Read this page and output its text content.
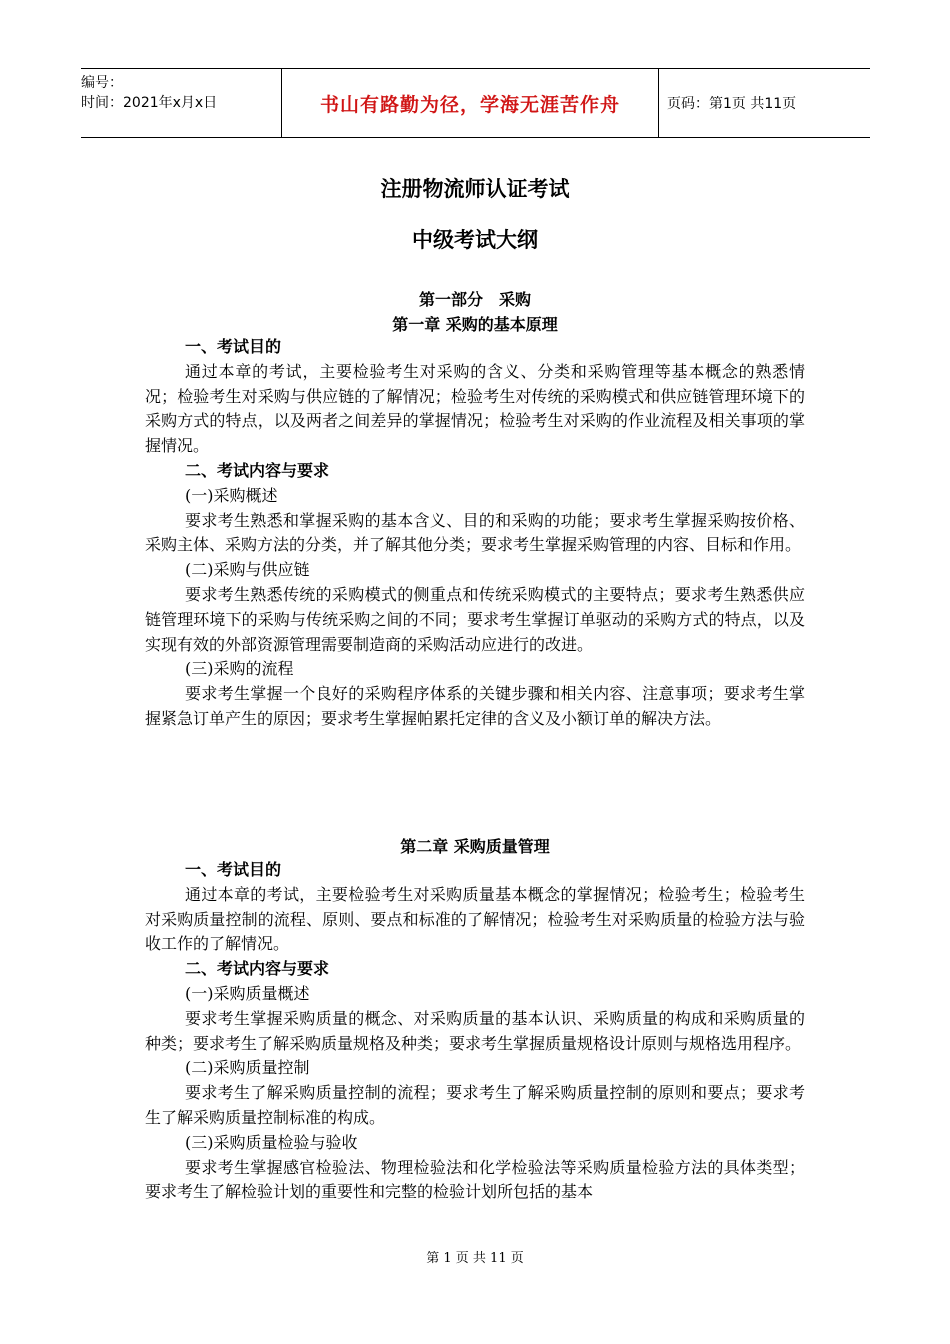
编号：
时间：2021年x月x日	书山有路勤为径，学海无涯苦作舟	页码：第1页 共11页
注册物流师认证考试
中级考试大纲
第一部分　采购
第一章 采购的基本原理
一、考试目的
通过本章的考试，主要检验考生对采购的含义、分类和采购管理等基本概念的熟悉情况；检验考生对采购与供应链的了解情况；检验考生对传统的采购模式和供应链管理环境下的采购方式的特点，以及两者之间差异的掌握情况；检验考生对采购的作业流程及相关事项的掌握情况。
二、考试内容与要求
(一)采购概述
要求考生熟悉和掌握采购的基本含义、目的和采购的功能；要求考生掌握采购按价格、采购主体、采购方法的分类，并了解其他分类；要求考生掌握采购管理的内容、目标和作用。
(二)采购与供应链
要求考生熟悉传统的采购模式的侧重点和传统采购模式的主要特点；要求考生熟悉供应链管理环境下的采购与传统采购之间的不同；要求考生掌握订单驱动的采购方式的特点，以及实现有效的外部资源管理需要制造商的采购活动应进行的改进。
(三)采购的流程
要求考生掌握一个良好的采购程序体系的关键步骤和相关内容、注意事项；要求考生掌握紧急订单产生的原因；要求考生掌握帕累托定律的含义及小额订单的解决方法。
第二章 采购质量管理
一、考试目的
通过本章的考试，主要检验考生对采购质量基本概念的掌握情况；检验考生；检验考生对采购质量控制的流程、原则、要点和标准的了解情况；检验考生对采购质量的检验方法与验收工作的了解情况。
二、考试内容与要求
(一)采购质量概述
要求考生掌握采购质量的概念、对采购质量的基本认识、采购质量的构成和采购质量的种类；要求考生了解采购质量规格及种类；要求考生掌握质量规格设计原则与规格选用程序。
(二)采购质量控制
要求考生了解采购质量控制的流程；要求考生了解采购质量控制的原则和要点；要求考生了解采购质量控制标准的构成。
(三)采购质量检验与验收
要求考生掌握感官检验法、物理检验法和化学检验法等采购质量检验方法的具体类型；要求考生了解检验计划的重要性和完整的检验计划所包括的基本
第 1 页 共 11 页
